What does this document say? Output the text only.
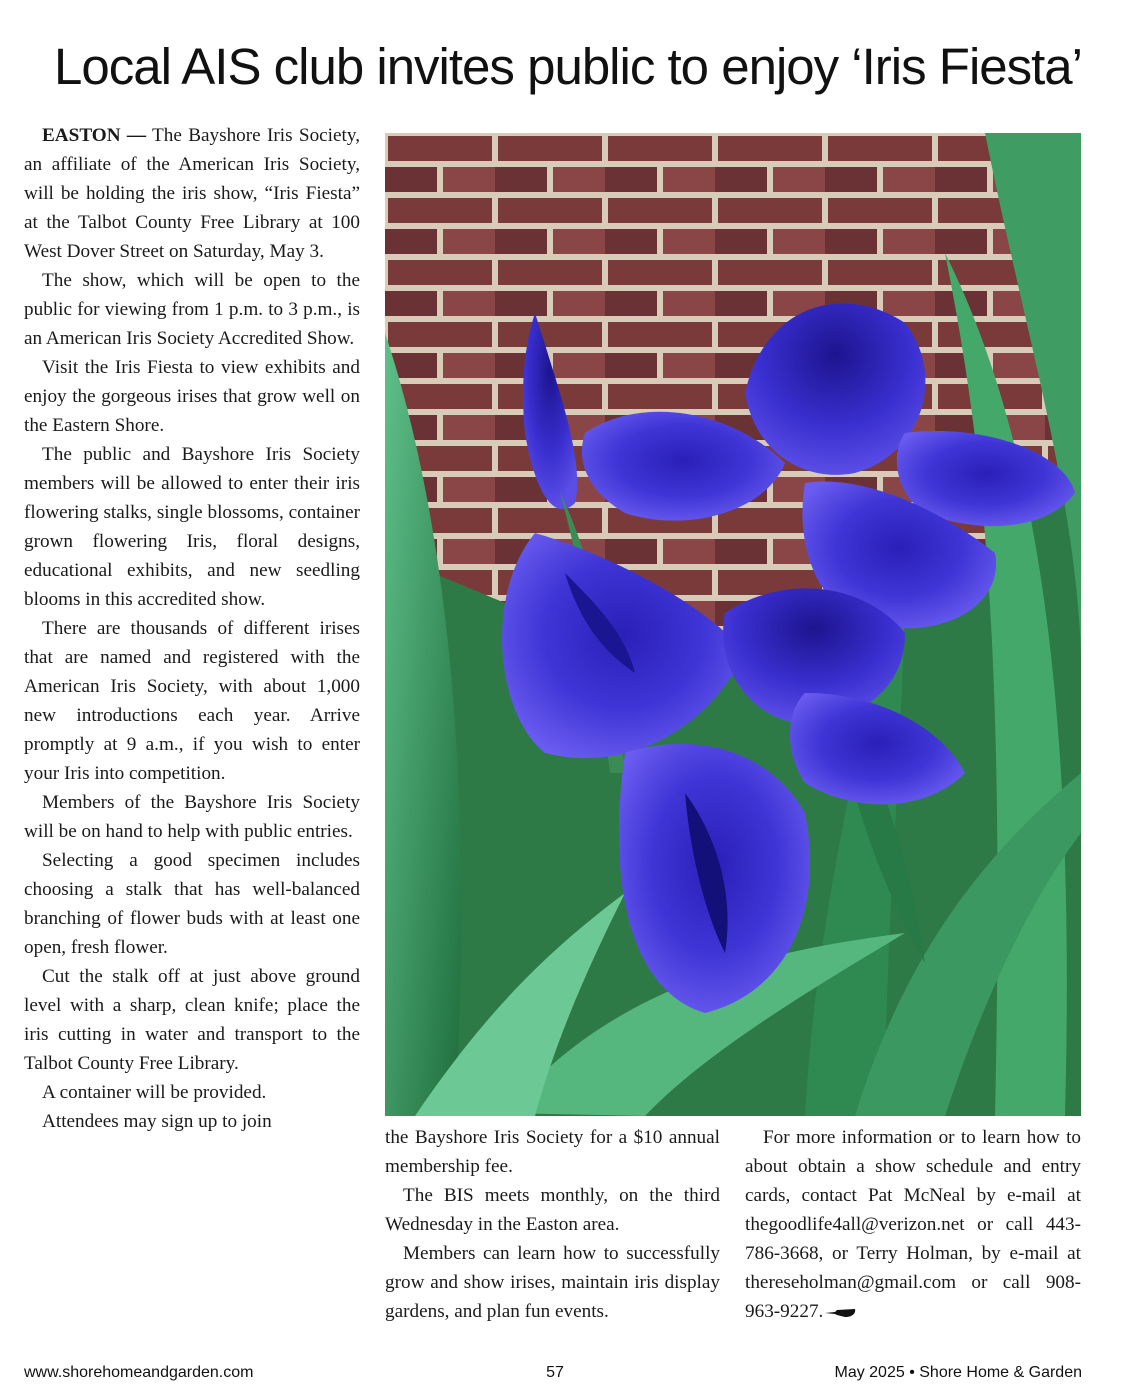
Local AIS club invites public to enjoy ‘Iris Fiesta’

EASTON — The Bayshore Iris Society, an affiliate of the American Iris Society, will be holding the iris show, “Iris Fiesta” at the Talbot County Free Library at 100 West Dover Street on Saturday, May 3.

The show, which will be open to the public for viewing from 1 p.m. to 3 p.m., is an American Iris Society Accredited Show.

Visit the Iris Fiesta to view exhibits and enjoy the gorgeous irises that grow well on the Eastern Shore.

The public and Bayshore Iris Society members will be allowed to enter their iris flowering stalks, single blossoms, container grown flowering Iris, floral designs, educational exhibits, and new seedling blooms in this accredited show.

There are thousands of different irises that are named and registered with the American Iris Society, with about 1,000 new introductions each year. Arrive promptly at 9 a.m., if you wish to enter your Iris into competition.

Members of the Bayshore Iris Society will be on hand to help with public entries.

Selecting a good specimen includes choosing a stalk that has well-balanced branching of flower buds with at least one open, fresh flower.

Cut the stalk off at just above ground level with a sharp, clean knife; place the iris cutting in water and transport to the Talbot County Free Library.

A container will be provided.

Attendees may sign up to join

the Bayshore Iris Society for a $10 annual membership fee.

The BIS meets monthly, on the third Wednesday in the Easton area.

Members can learn how to successfully grow and show irises, maintain iris display gardens, and plan fun events.

For more information or to learn how to about obtain a show schedule and entry cards, contact Pat McNeal by e-mail at thegoodlife4all@verizon.net or call 443-786-3668, or Terry Holman, by e-mail at thereseholman@gmail.com or call 908-963-9227.

www.shorehomeandgarden.com	57	May 2025 • Shore Home & Garden
